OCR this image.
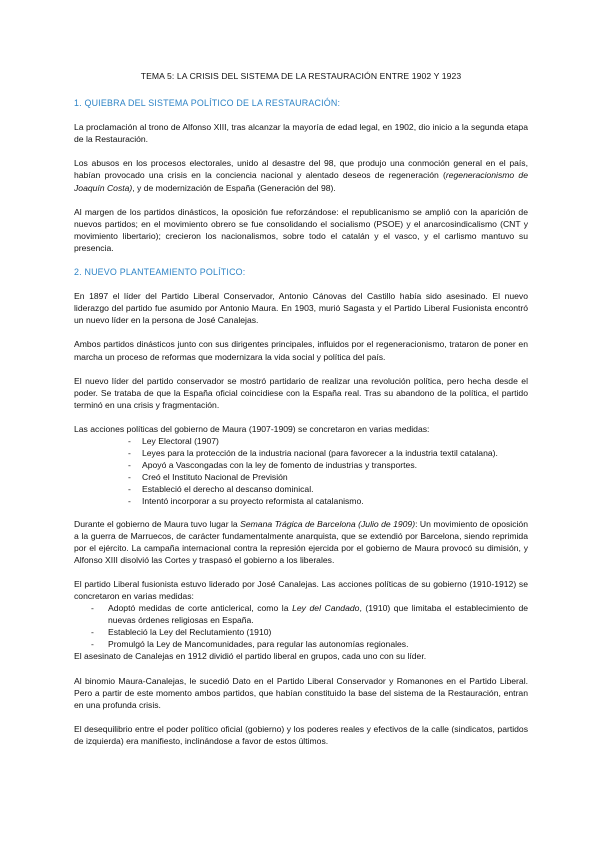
TEMA 5: LA CRISIS DEL SISTEMA DE LA RESTAURACIÓN ENTRE 1902 Y 1923
1. QUIEBRA DEL SISTEMA POLÍTICO DE LA RESTAURACIÓN:

La proclamación al trono de Alfonso XIII, tras alcanzar la mayoría de edad legal, en 1902, dio inicio a la segunda etapa de la Restauración.

Los abusos en los procesos electorales, unido al desastre del 98, que produjo una conmoción general en el país, habían provocado una crisis en la conciencia nacional y alentado deseos de regeneración (regeneracionismo de Joaquín Costa), y de modernización de España (Generación del 98).

Al margen de los partidos dinásticos, la oposición fue reforzándose: el republicanismo se amplió con la aparición de nuevos partidos; en el movimiento obrero se fue consolidando el socialismo (PSOE) y el anarcosindicalismo (CNT y movimiento libertario); crecieron los nacionalismos, sobre todo el catalán y el vasco, y el carlismo mantuvo su presencia.

2. NUEVO PLANTEAMIENTO POLÍTICO:

En 1897 el líder del Partido Liberal Conservador, Antonio Cánovas del Castillo había sido asesinado. El nuevo liderazgo del partido fue asumido por Antonio Maura. En 1903, murió Sagasta y el Partido Liberal Fusionista encontró un nuevo líder en la persona de José Canalejas.

Ambos partidos dinásticos junto con sus dirigentes principales, influidos por el regeneracionismo, trataron de poner en marcha un proceso de reformas que modernizara la vida social y política del país.

El nuevo líder del partido conservador se mostró partidario de realizar una revolución política, pero hecha desde el poder. Se trataba de que la España oficial coincidiese con la España real. Tras su abandono de la política, el partido terminó en una crisis y fragmentación.

Las acciones políticas del gobierno de Maura (1907-1909) se concretaron en varias medidas:

- Ley Electoral (1907)
- Leyes para la protección de la industria nacional (para favorecer a la industria textil catalana).
- Apoyó a Vascongadas con la ley de fomento de industrias y transportes.
- Creó el Instituto Nacional de Previsión
- Estableció el derecho al descanso dominical.
- Intentó incorporar a su proyecto reformista al catalanismo.

Durante el gobierno de Maura tuvo lugar la Semana Trágica de Barcelona (Julio de 1909): Un movimiento de oposición a la guerra de Marruecos, de carácter fundamentalmente anarquista, que se extendió por Barcelona, siendo reprimida por el ejército. La campaña internacional contra la represión ejercida por el gobierno de Maura provocó su dimisión, y Alfonso XIII disolvió las Cortes y traspasó el gobierno a los liberales.

El partido Liberal fusionista estuvo liderado por José Canalejas. Las acciones políticas de su gobierno (1910-1912) se concretaron en varias medidas:

- Adoptó medidas de corte anticlerical, como la Ley del Candado, (1910) que limitaba el establecimiento de nuevas órdenes religiosas en España.
- Estableció la Ley del Reclutamiento (1910)
- Promulgó la Ley de Mancomunidades, para regular las autonomías regionales.

El asesinato de Canalejas en 1912 dividió el partido liberal en grupos, cada uno con su líder.

Al binomio Maura-Canalejas, le sucedió Dato en el Partido Liberal Conservador y Romanones en el Partido Liberal. Pero a partir de este momento ambos partidos, que habían constituido la base del sistema de la Restauración, entran en una profunda crisis.

El desequilibrio entre el poder político oficial (gobierno) y los poderes reales y efectivos de la calle (sindicatos, partidos de izquierda) era manifiesto, inclinándose a favor de estos últimos.
